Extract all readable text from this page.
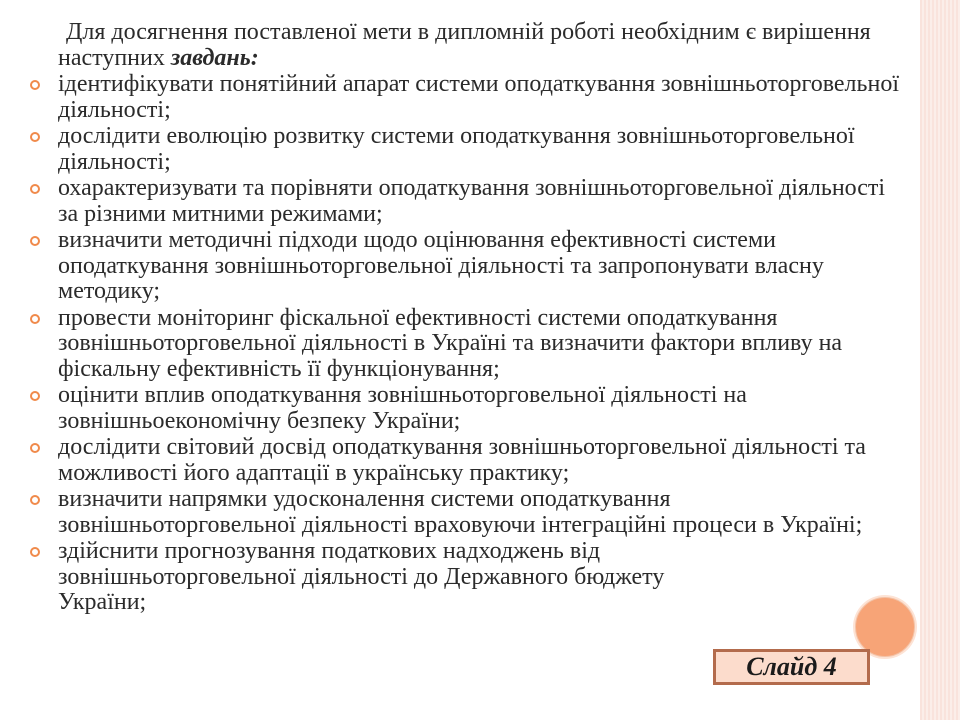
Для досягнення поставленої мети в дипломній роботі необхідним є вирішення наступних завдань:

ідентифікувати понятійний апарат системи оподаткування зовнішньоторговельної діяльності;
дослідити еволюцію розвитку системи оподаткування зовнішньоторговельної діяльності;
охарактеризувати та порівняти оподаткування зовнішньоторговельної діяльності за різними митними режимами;
визначити методичні підходи щодо оцінювання ефективності системи оподаткування зовнішньоторговельної діяльності та запропонувати власну методику;
провести моніторинг фіскальної ефективності системи оподаткування зовнішньоторговельної діяльності в Україні та визначити фактори впливу на фіскальну ефективність її функціонування;
оцінити вплив оподаткування зовнішньоторговельної діяльності на зовнішньоекономічну безпеку України;
дослідити світовий досвід оподаткування зовнішньоторговельної діяльності та можливості його адаптації в українську практику;
визначити напрямки удосконалення системи оподаткування зовнішньоторговельної діяльності враховуючи інтеграційні процеси в Україні;
здійснити прогнозування податкових надходжень від зовнішньоторговельної діяльності до Державного бюджету України;
Слайд 4
